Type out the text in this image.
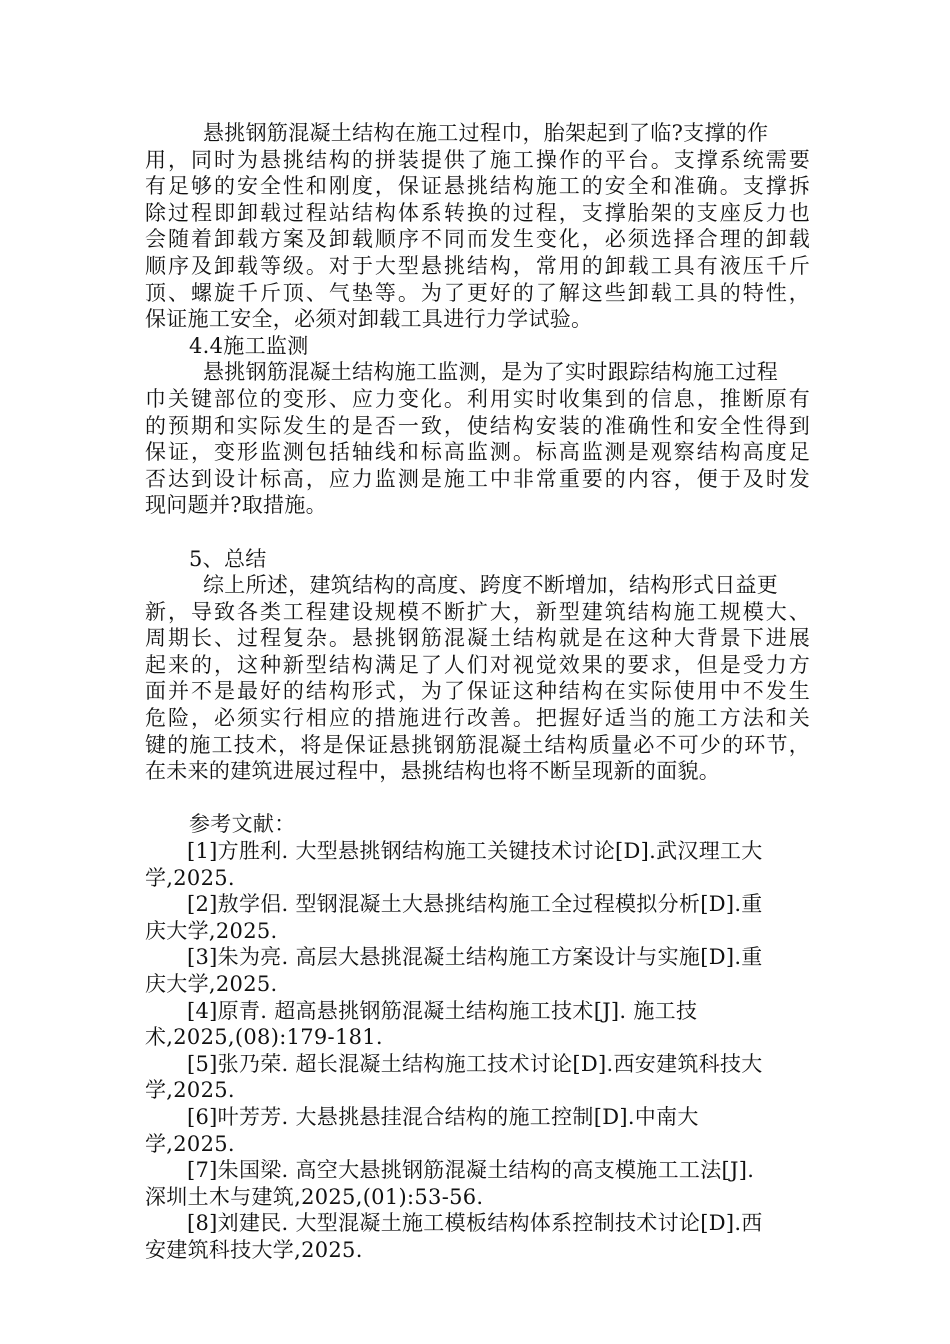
悬挑钢筋混凝土结构在施工过程巾，胎架起到了临?支撑的作
用，同时为悬挑结构的拼装提供了施工操作的平台。支撑系统需要
有足够的安全性和刚度，保证悬挑结构施工的安全和准确。支撑拆
除过程即卸载过程站结构体系转换的过程，支撑胎架的支座反力也
会随着卸载方案及卸载顺序不同而发生变化，必须选择合理的卸载
顺序及卸载等级。对于大型悬挑结构，常用的卸载工具有液压千斤
顶、螺旋千斤顶、气垫等。为了更好的了解这些卸载工具的特性，
保证施工安全，必须对卸载工具进行力学试验。
4.4施工监测
悬挑钢筋混凝土结构施工监测，是为了实时跟踪结构施工过程
巾关键部位的变形、应力变化。利用实时收集到的信息，推断原有
的预期和实际发生的是否一致，使结构安装的准确性和安全性得到
保证，变形监测包括轴线和标高监测。标高监测是观察结构高度足
否达到设计标高，应力监测是施工中非常重要的内容，便于及时发
现问题并?取措施。
5、总结
综上所述，建筑结构的高度、跨度不断增加，结构形式日益更
新，导致各类工程建设规模不断扩大，新型建筑结构施工规模大、
周期长、过程复杂。悬挑钢筋混凝土结构就是在这种大背景下进展
起来的，这种新型结构满足了人们对视觉效果的要求，但是受力方
面并不是最好的结构形式，为了保证这种结构在实际使用中不发生
危险，必须实行相应的措施进行改善。把握好适当的施工方法和关
键的施工技术，将是保证悬挑钢筋混凝土结构质量必不可少的环节，
在未来的建筑进展过程中，悬挑结构也将不断呈现新的面貌。
参考文献：
[1]方胜利. 大型悬挑钢结构施工关键技术讨论[D].武汉理工大
学,2025.
[2]敖学侣. 型钢混凝土大悬挑结构施工全过程模拟分析[D].重
庆大学,2025.
[3]朱为亮. 高层大悬挑混凝土结构施工方案设计与实施[D].重
庆大学,2025.
[4]原青. 超高悬挑钢筋混凝土结构施工技术[J]. 施工技
术,2025,(08):179-181.
[5]张乃荣. 超长混凝土结构施工技术讨论[D].西安建筑科技大
学,2025.
[6]叶芳芳. 大悬挑悬挂混合结构的施工控制[D].中南大
学,2025.
[7]朱国梁. 高空大悬挑钢筋混凝土结构的高支模施工工法[J].
深圳土木与建筑,2025,(01):53-56.
[8]刘建民. 大型混凝土施工模板结构体系控制技术讨论[D].西
安建筑科技大学,2025.
